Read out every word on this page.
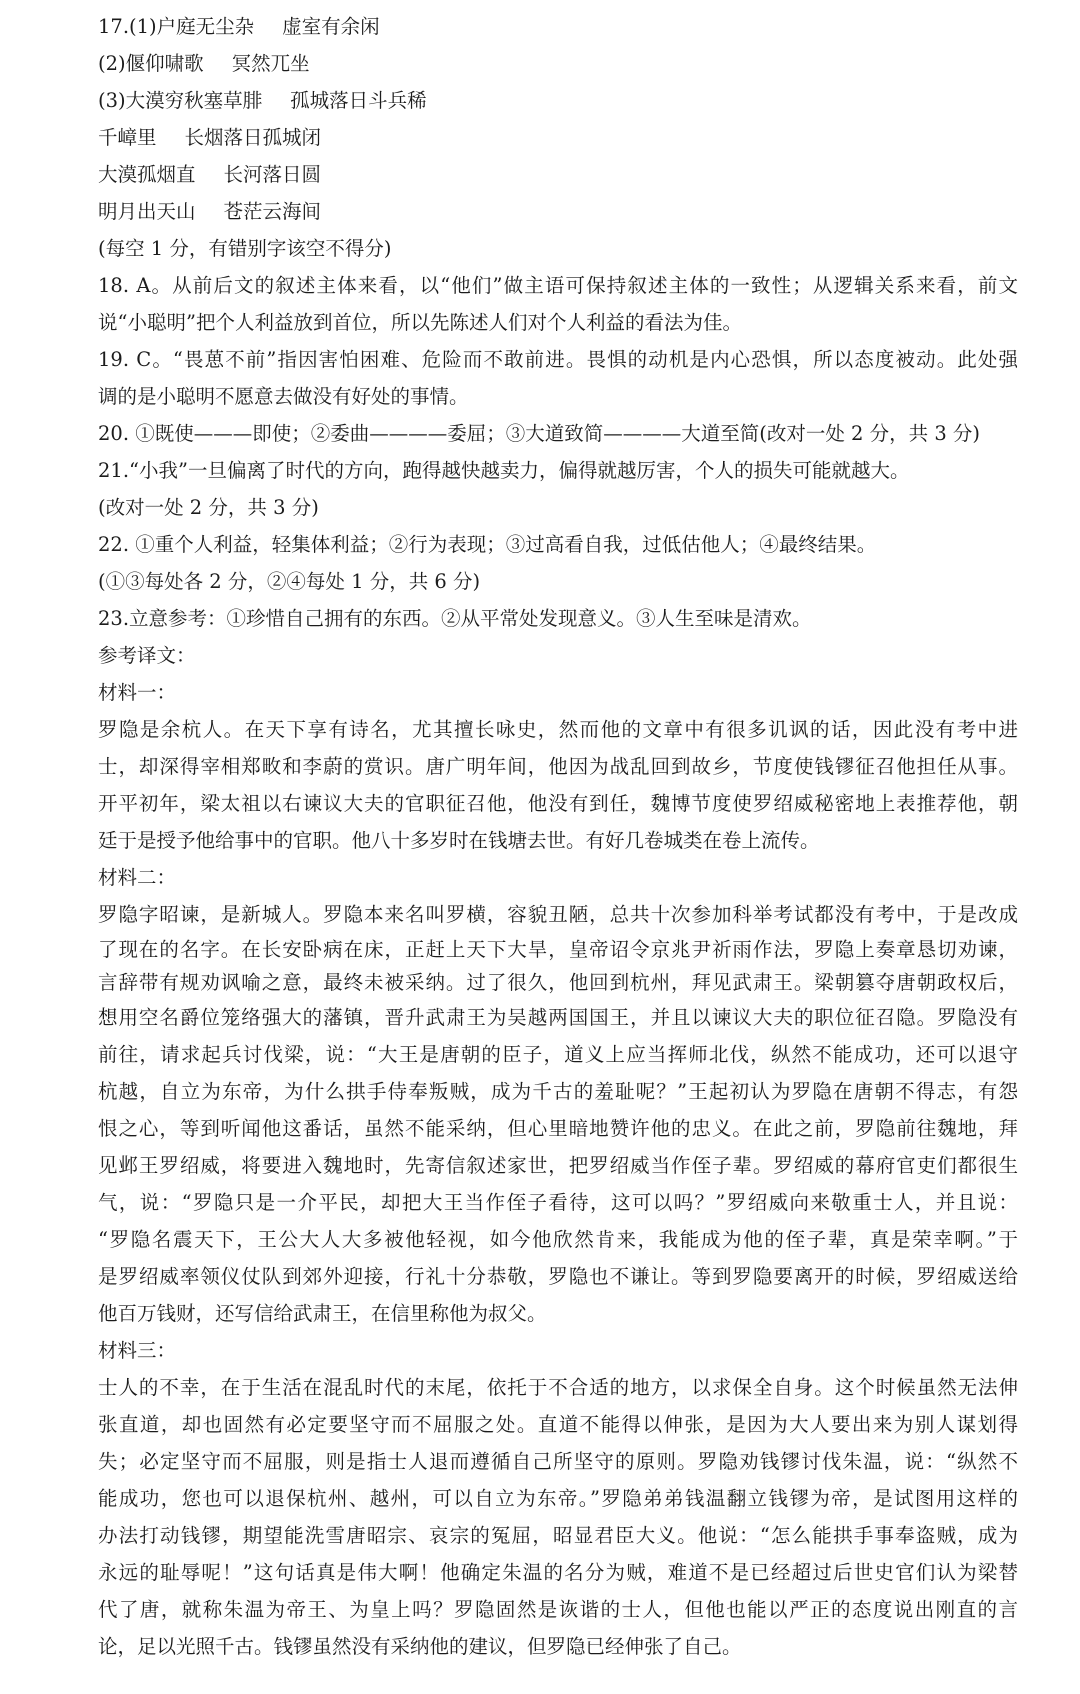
17.(1)户庭无尘杂 虚室有余闲
(2)偃仰啸歌 冥然兀坐
(3)大漠穷秋塞草腓 孤城落日斗兵稀
千嶂里 长烟落日孤城闭
大漠孤烟直 长河落日圆
明月出天山 苍茫云海间
(每空 1 分，有错别字该空不得分)
18. A。从前后文的叙述主体来看，以“他们”做主语可保持叙述主体的一致性；从逻辑关系来看，前文
说“小聪明”把个人利益放到首位，所以先陈述人们对个人利益的看法为佳。
19. C。“畏葸不前”指因害怕困难、危险而不敢前进。畏惧的动机是内心恐惧，所以态度被动。此处强
调的是小聪明不愿意去做没有好处的事情。
20. ①既使———即使；②委曲————委屈；③大道致简————大道至简(改对一处 2 分，共 3 分)
21.“小我”一旦偏离了时代的方向，跑得越快越卖力，偏得就越厉害，个人的损失可能就越大。
(改对一处 2 分，共 3 分)
22. ①重个人利益，轻集体利益；②行为表现；③过高看自我，过低估他人；④最终结果。
(①③每处各 2 分，②④每处 1 分，共 6 分)
23.立意参考：①珍惜自己拥有的东西。②从平常处发现意义。③人生至味是清欢。
参考译文：
材料一：
罗隐是余杭人。在天下享有诗名，尤其擅长咏史，然而他的文章中有很多讥讽的话，因此没有考中进
士，却深得宰相郑畋和李蔚的赏识。唐广明年间，他因为战乱回到故乡，节度使钱镠征召他担任从事。
开平初年，梁太祖以右谏议大夫的官职征召他，他没有到任，魏博节度使罗绍威秘密地上表推荐他，朝
廷于是授予他给事中的官职。他八十多岁时在钱塘去世。有好几卷城类在卷上流传。
材料二：
罗隐字昭谏，是新城人。罗隐本来名叫罗横，容貌丑陋，总共十次参加科举考试都没有考中，于是改成
了现在的名字。在长安卧病在床，正赶上天下大旱，皇帝诏令京兆尹祈雨作法，罗隐上奏章恳切劝谏，
言辞带有规劝讽喻之意，最终未被采纳。过了很久，他回到杭州，拜见武肃王。梁朝篡夺唐朝政权后，
想用空名爵位笼络强大的藩镇，晋升武肃王为吴越两国国王，并且以谏议大夫的职位征召隐。罗隐没有
前往，请求起兵讨伐梁，说：“大王是唐朝的臣子，道义上应当挥师北伐，纵然不能成功，还可以退守
杭越，自立为东帝，为什么拱手侍奉叛贼，成为千古的羞耻呢？”王起初认为罗隐在唐朝不得志，有怨
恨之心，等到听闻他这番话，虽然不能采纳，但心里暗地赞许他的忠义。在此之前，罗隐前往魏地，拜
见邺王罗绍威，将要进入魏地时，先寄信叙述家世，把罗绍威当作侄子辈。罗绍威的幕府官吏们都很生
气，说：“罗隐只是一介平民，却把大王当作侄子看待，这可以吗？”罗绍威向来敬重士人，并且说：
“罗隐名震天下，王公大人大多被他轻视，如今他欣然肯来，我能成为他的侄子辈，真是荣幸啊。”于
是罗绍威率领仪仗队到郊外迎接，行礼十分恭敬，罗隐也不谦让。等到罗隐要离开的时候，罗绍威送给
他百万钱财，还写信给武肃王，在信里称他为叔父。
材料三：
士人的不幸，在于生活在混乱时代的末尾，依托于不合适的地方，以求保全自身。这个时候虽然无法伸
张直道，却也固然有必定要坚守而不屈服之处。直道不能得以伸张，是因为大人要出来为别人谋划得
失；必定坚守而不屈服，则是指士人退而遵循自己所坚守的原则。罗隐劝钱镠讨伐朱温，说：“纵然不
能成功，您也可以退保杭州、越州，可以自立为东帝。”罗隐弟弟钱温翻立钱镠为帝，是试图用这样的
办法打动钱镠，期望能洗雪唐昭宗、哀宗的冤屈，昭显君臣大义。他说：“怎么能拱手事奉盗贼，成为
永远的耻辱呢！”这句话真是伟大啊！他确定朱温的名分为贼，难道不是已经超过后世史官们认为梁替
代了唐，就称朱温为帝王、为皇上吗？罗隐固然是诙谐的士人，但他也能以严正的态度说出刚直的言
论，足以光照千古。钱镠虽然没有采纳他的建议，但罗隐已经伸张了自己。
